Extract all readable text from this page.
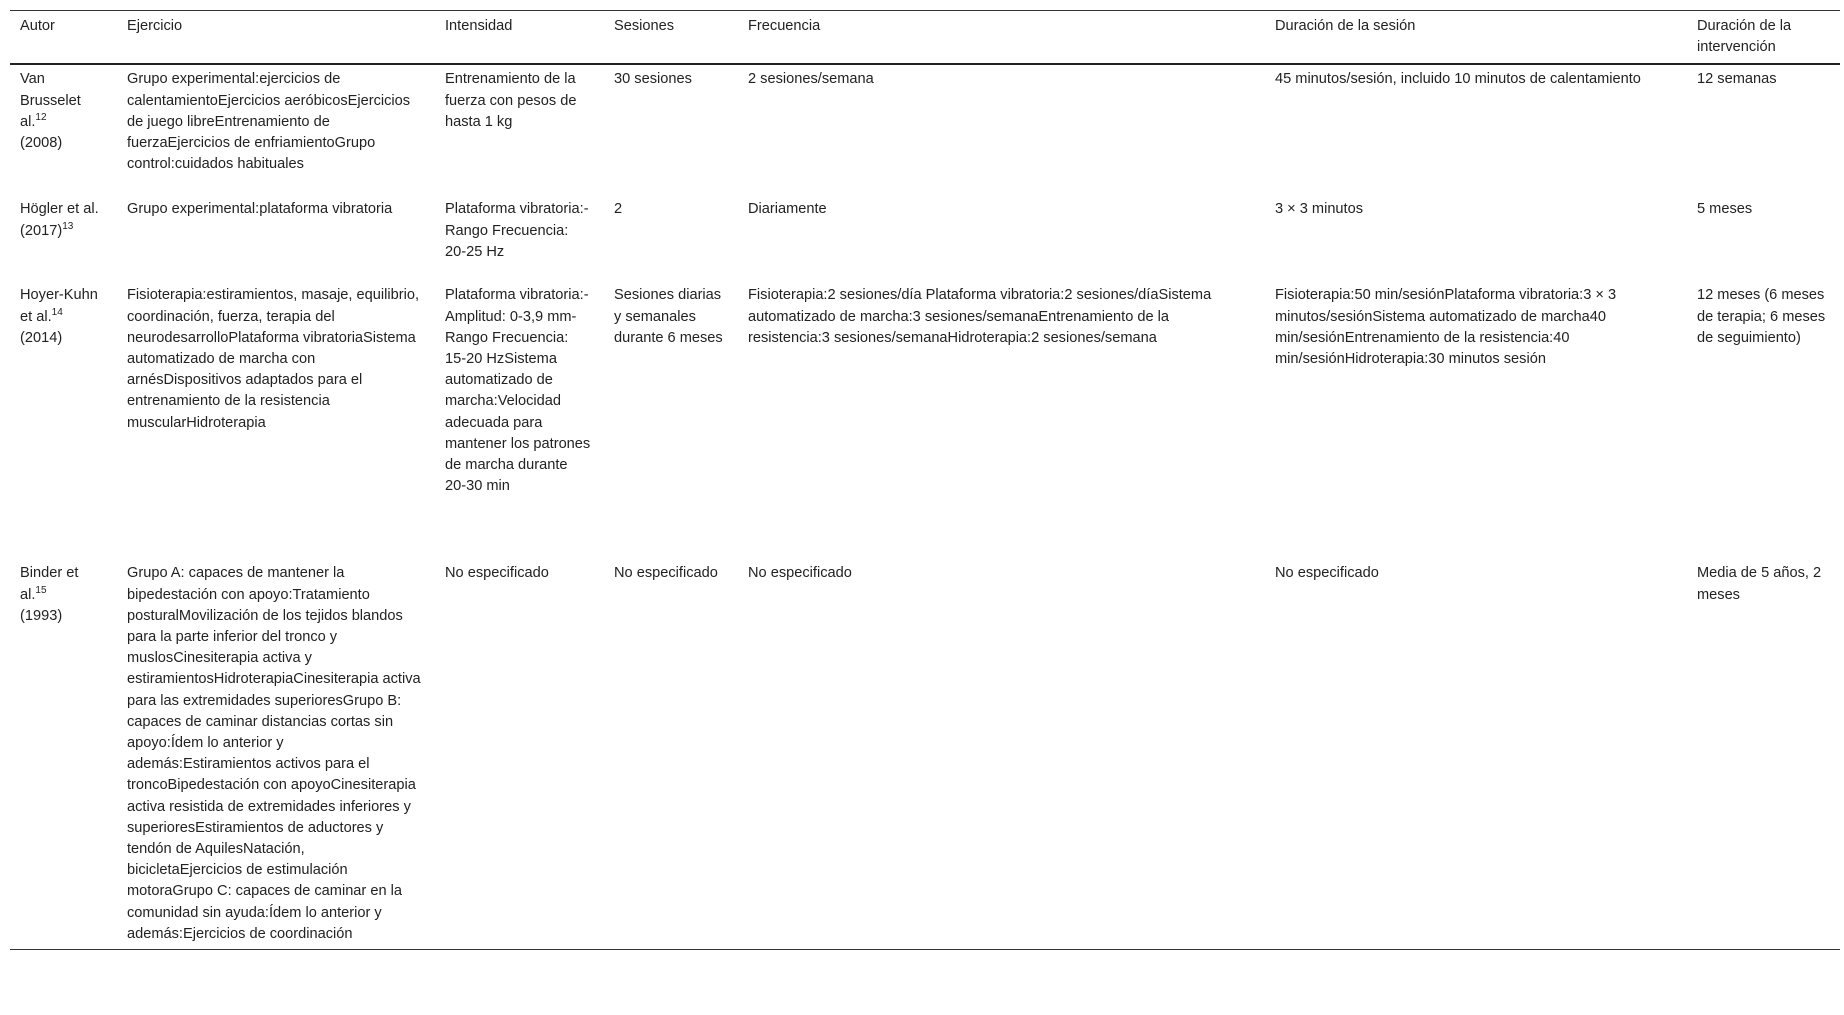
Autor	Ejercicio	Intensidad	Sesiones	Frecuencia	Duración de la sesión	Duración de la intervención
Van Brusselet al.$^{12}$
(2008)	Grupo experimental:ejercicios de calentamientoEjercicios aeróbicosEjercicios de juego libreEntrenamiento de fuerzaEjercicios de enfriamientoGrupo control:cuidados habituales	Entrenamiento de la fuerza con pesos de hasta 1 kg	30 sesiones	2 sesiones/semana	45 minutos/sesión, incluido 10 minutos de calentamiento	12 semanas
Högler et al. $(2017)^{13}$	Grupo experimental:plataforma vibratoria	Plataforma vibratoria:-Rango Frecuencia: 20-25 Hz	2	Diariamente	3 × 3 minutos	5 meses
Hoyer-Kuhn et al.$^{14}$
(2014)	Fisioterapia:estiramientos, masaje, equilibrio, coordinación, fuerza, terapia del neurodesarrolloPlataforma vibratoriaSistema automatizado de marcha con arnésDispositivos adaptados para el entrenamiento de la resistencia muscularHidroterapia	Plataforma vibratoria:-Amplitud: 0-3,9 mm- Rango Frecuencia: 15-20 HzSistema automatizado de marcha:Velocidad adecuada para mantener los patrones de marcha durante 20-30 min	Sesiones diarias y semanales durante 6 meses	Fisioterapia:2 sesiones/día Plataforma vibratoria:2 sesiones/díaSistema automatizado de marcha:3 sesiones/semanaEntrenamiento de la resistencia:3 sesiones/semanaHidroterapia:2 sesiones/semana	Fisioterapia:50 min/sesiónPlataforma vibratoria:3 × 3 minutos/sesiónSistema automatizado de marcha40 min/sesiónEntrenamiento de la resistencia:40 min/sesiónHidroterapia:30 minutos sesión	12 meses (6 meses de terapia; 6 meses de seguimiento)
Binder et al.$^{15}$
(1993)	Grupo A: capaces de mantener la bipedestación con apoyo:Tratamiento posturalMovilización de los tejidos blandos para la parte inferior del tronco y muslosCinesiterapia activa y estiramientosHidroterapiaCinesiterapia activa para las extremidades superioresGrupo B: capaces de caminar distancias cortas sin apoyo:Ídem lo anterior y además:Estiramientos activos para el troncoBipedestación con apoyoCinesiterapia activa resistida de extremidades inferiores y superioresEstiramientos de aductores y tendón de AquilesNatación, bicicletaEjercicios de estimulación motoraGrupo C: capaces de caminar en la comunidad sin ayuda:Ídem lo anterior y además:Ejercicios de coordinación	No especificado	No especificado	No especificado	No especificado	Media de 5 años, 2 meses
